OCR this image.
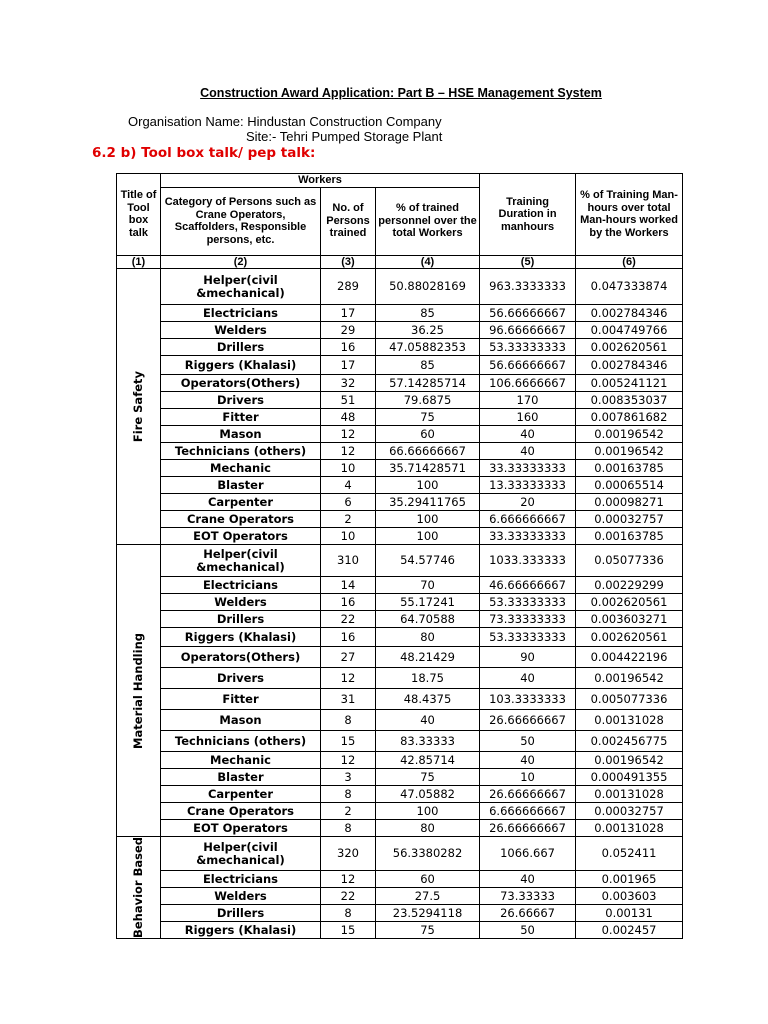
Construction Award Application: Part B – HSE Management System
Organisation Name: Hindustan Construction Company
Site:- Tehri Pumped Storage Plant
6.2 b) Tool box talk/ pep talk:
Title of Tool box talk	Workers			Training Duration in manhours	% of Training Man-hours over total Man-hours worked by the Workers
	Category of Persons such as Crane Operators, Scaffolders, Responsible persons, etc.	No. of Persons trained	% of trained personnel over the total Workers		
(1)	(2)	(3)	(4)	(5)	(6)

Fire Safety	Helper(civil &mechanical)	289	50.88028169	963.3333333	0.047333874
	Electricians	17	85	56.66666667	0.002784346
	Welders	29	36.25	96.66666667	0.004749766
	Drillers	16	47.05882353	53.33333333	0.002620561
	Riggers (Khalasi)	17	85	56.66666667	0.002784346
	Operators(Others)	32	57.14285714	106.6666667	0.005241121
	Drivers	51	79.6875	170	0.008353037
	Fitter	48	75	160	0.007861682
	Mason	12	60	40	0.00196542
	Technicians (others)	12	66.66666667	40	0.00196542
	Mechanic	10	35.71428571	33.33333333	0.00163785
	Blaster	4	100	13.33333333	0.00065514
	Carpenter	6	35.29411765	20	0.00098271
	Crane Operators	2	100	6.666666667	0.00032757
	EOT Operators	10	100	33.33333333	0.00163785

Material Handling	Helper(civil &mechanical)	310	54.57746	1033.333333	0.05077336
	Electricians	14	70	46.66666667	0.00229299
	Welders	16	55.17241	53.33333333	0.002620561
	Drillers	22	64.70588	73.33333333	0.003603271
	Riggers (Khalasi)	16	80	53.33333333	0.002620561
	Operators(Others)	27	48.21429	90	0.004422196
	Drivers	12	18.75	40	0.00196542
	Fitter	31	48.4375	103.3333333	0.005077336
	Mason	8	40	26.66666667	0.00131028
	Technicians (others)	15	83.33333	50	0.002456775
	Mechanic	12	42.85714	40	0.00196542
	Blaster	3	75	10	0.000491355
	Carpenter	8	47.05882	26.66666667	0.00131028
	Crane Operators	2	100	6.666666667	0.00032757
	EOT Operators	8	80	26.66666667	0.00131028

Behavior Based	Helper(civil &mechanical)	320	56.3380282	1066.667	0.052411
	Electricians	12	60	40	0.001965
	Welders	22	27.5	73.33333	0.003603
	Drillers	8	23.5294118	26.66667	0.00131
	Riggers (Khalasi)	15	75	50	0.002457
